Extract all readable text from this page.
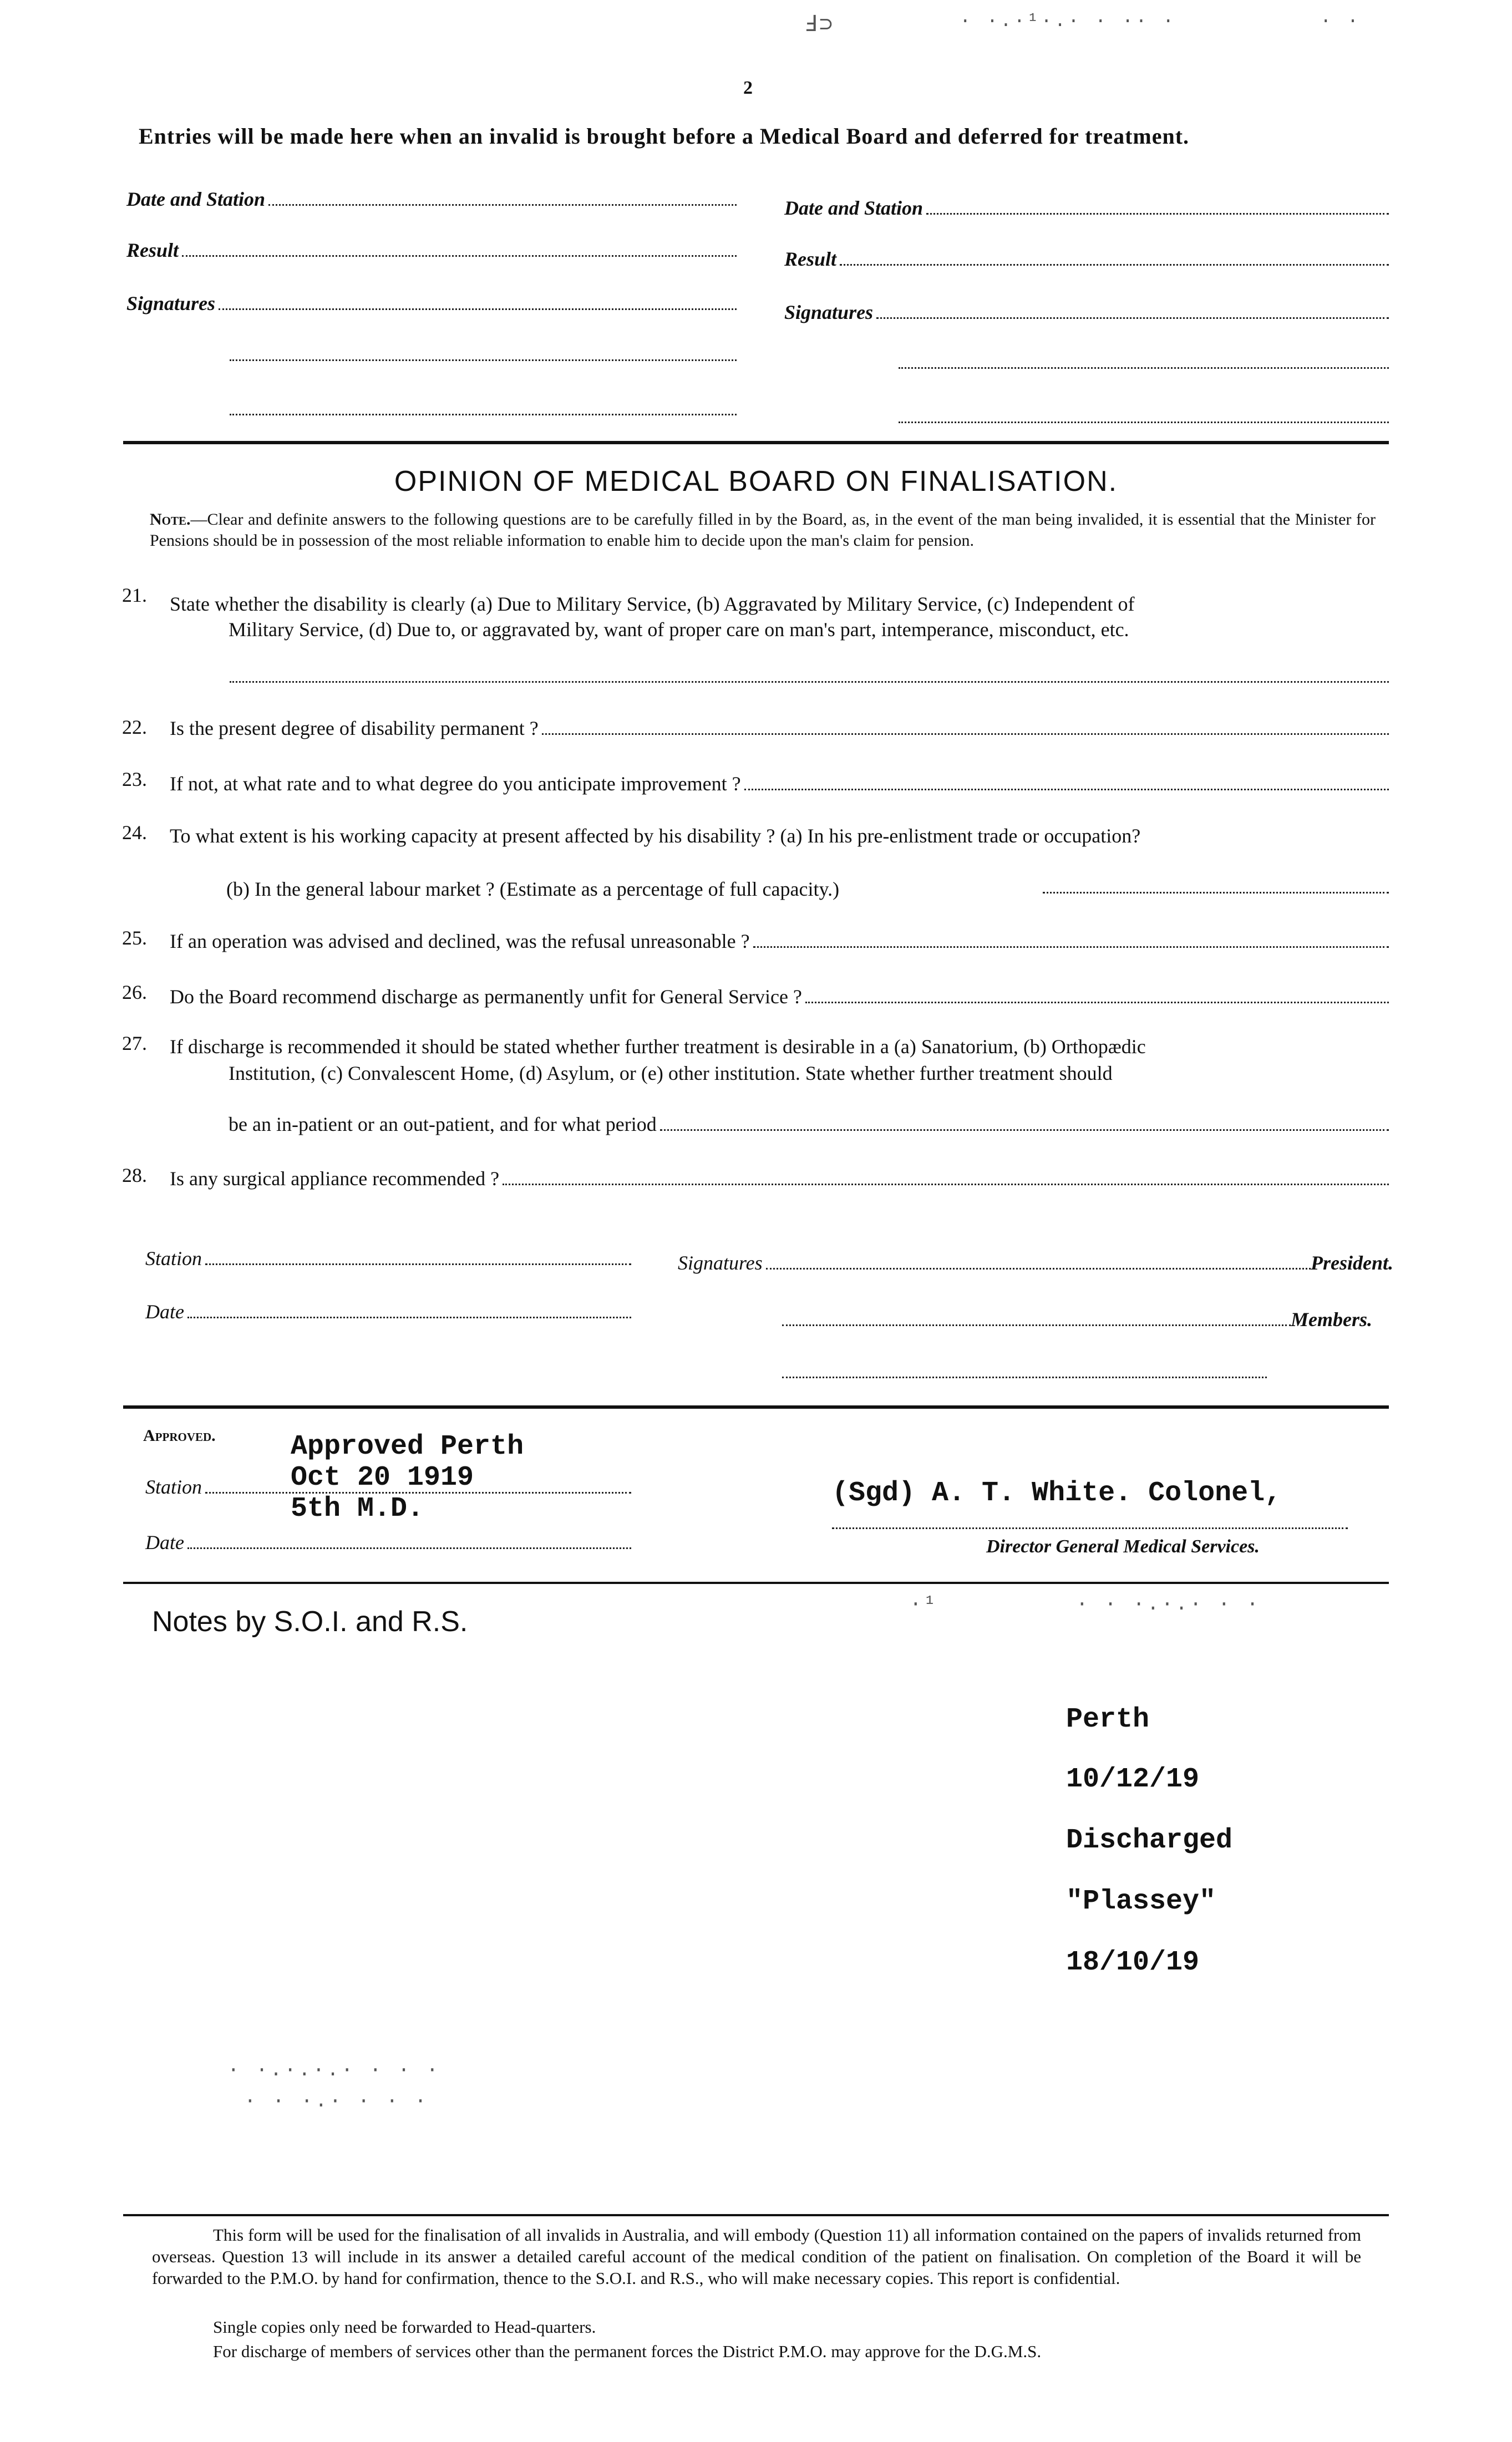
Ⅎ⊃	· ·.·¹·.· · ·· ·	· ·
2
Entries will be made here when an invalid is brought before a Medical Board and deferred for treatment.
Date and Station	Date and Station
Result	Result
Signatures	Signatures
OPINION OF MEDICAL BOARD ON FINALISATION.
Note.—Clear and definite answers to the following questions are to be carefully filled in by the Board, as, in the event of the man being invalided, it is essential that the Minister for Pensions should be in possession of the most reliable information to enable him to decide upon the man's claim for pension.
21. State whether the disability is clearly (a) Due to Military Service, (b) Aggravated by Military Service, (c) Independent of
Military Service, (d) Due to, or aggravated by, want of proper care on man's part, intemperance, misconduct, etc.
22. Is the present degree of disability permanent ?
23. If not, at what rate and to what degree do you anticipate improvement ?
24. To what extent is his working capacity at present affected by his disability ? (a) In his pre-enlistment trade or occupation?
(b) In the general labour market ? (Estimate as a percentage of full capacity.)
25. If an operation was advised and declined, was the refusal unreasonable ?
26. Do the Board recommend discharge as permanently unfit for General Service ?
27. If discharge is recommended it should be stated whether further treatment is desirable in a (a) Sanatorium, (b) Orthopædic
Institution, (c) Convalescent Home, (d) Asylum, or (e) other institution. State whether further treatment should
be an in-patient or an out-patient, and for what period
28. Is any surgical appliance recommended ?
Station
Date
Signatures	President.
Members.
Approved.
Station
Date
Approved Perth
Oct 20 1919
5th M.D.	(Sgd) A. T. White. Colonel,
Director General Medical Services.
·¹	· · ·.·.· · ·
Notes by S.O.I. and R.S.
Perth
10/12/19
Discharged
"Plassey"
18/10/19
· ·.·.·.· · · ·
· · ·.· · · ·
This form will be used for the finalisation of all invalids in Australia, and will embody (Question 11) all information contained on the papers of invalids returned from overseas. Question 13 will include in its answer a detailed careful account of the medical condition of the patient on finalisation. On completion of the Board it will be forwarded to the P.M.O. by hand for confirmation, thence to the S.O.I. and R.S., who will make necessary copies. This report is confidential.
Single copies only need be forwarded to Head-quarters.
For discharge of members of services other than the permanent forces the District P.M.O. may approve for the D.G.M.S.
